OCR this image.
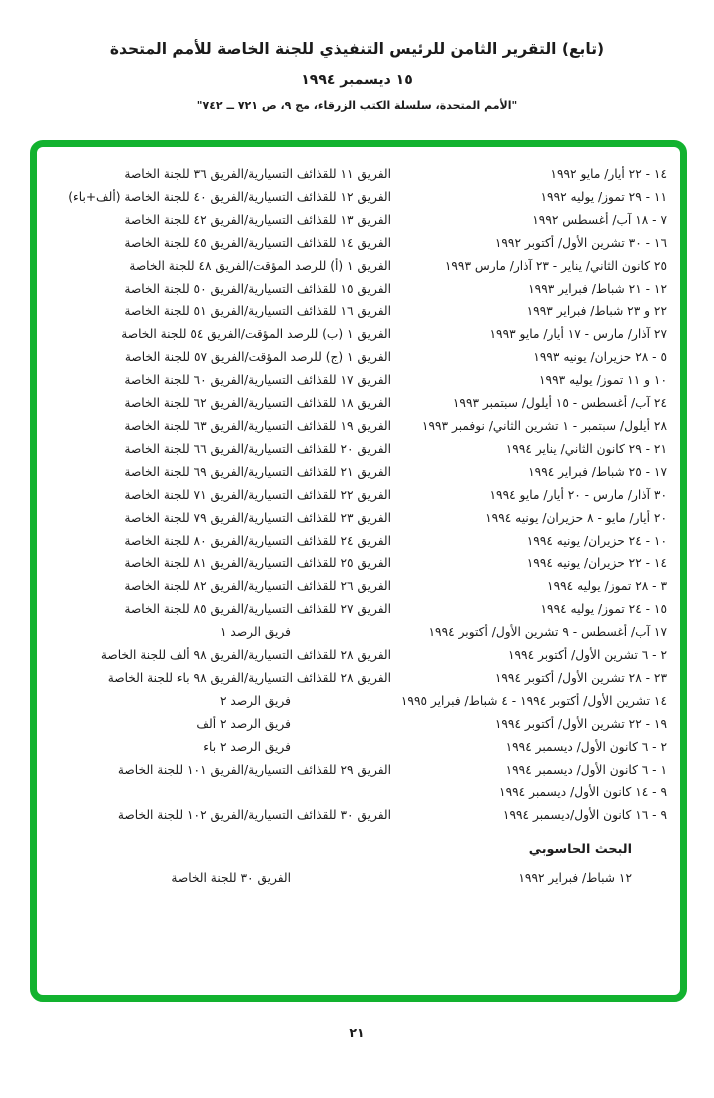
(تابع) التقرير الثامن للرئيس التنفيذي للجنة الخاصة للأمم المتحدة
١٥ ديسمبر ١٩٩٤
"الأمم المتحدة، سلسلة الكتب الزرقاء، مج ٩، ص ٧٢١ ــ ٧٤٢"
١٤ - ٢٢ أيار/ مايو ١٩٩٢
الفريق ١١ للقذائف التسيارية/الفريق ٣٦ للجنة الخاصة
١١ - ٢٩ تموز/ يوليه ١٩٩٢
الفريق ١٢ للقذائف التسيارية/الفريق ٤٠ للجنة الخاصة (ألف+باء)
٧ - ١٨ آب/ أغسطس ١٩٩٢
الفريق ١٣ للقذائف التسيارية/الفريق ٤٢ للجنة الخاصة
١٦ - ٣٠ تشرين الأول/ أكتوبر ١٩٩٢
الفريق ١٤ للقذائف التسيارية/الفريق ٤٥ للجنة الخاصة
٢٥ كانون الثاني/ يناير - ٢٣ آذار/ مارس ١٩٩٣
الفريق ١ (أ) للرصد المؤقت/الفريق ٤٨ للجنة الخاصة
١٢ - ٢١ شباط/ فبراير ١٩٩٣
الفريق ١٥ للقذائف التسيارية/الفريق ٥٠ للجنة الخاصة
٢٢ و ٢٣ شباط/ فبراير ١٩٩٣
الفريق ١٦ للقذائف التسيارية/الفريق ٥١ للجنة الخاصة
٢٧ آذار/ مارس - ١٧ أيار/ مايو ١٩٩٣
الفريق ١ (ب) للرصد المؤقت/الفريق ٥٤ للجنة الخاصة
٥ - ٢٨ حزيران/ يونيه ١٩٩٣
الفريق ١ (ج) للرصد المؤقت/الفريق ٥٧ للجنة الخاصة
١٠ و ١١ تموز/ يوليه ١٩٩٣
الفريق ١٧ للقذائف التسيارية/الفريق ٦٠ للجنة الخاصة
٢٤ آب/ أغسطس - ١٥ أيلول/ سبتمبر ١٩٩٣
الفريق ١٨ للقذائف التسيارية/الفريق ٦٢ للجنة الخاصة
٢٨ أيلول/ سبتمبر - ١ تشرين الثاني/ نوفمبر ١٩٩٣
الفريق ١٩ للقذائف التسيارية/الفريق ٦٣ للجنة الخاصة
٢١ - ٢٩ كانون الثاني/ يناير ١٩٩٤
الفريق ٢٠ للقذائف التسيارية/الفريق ٦٦ للجنة الخاصة
١٧ - ٢٥ شباط/ فبراير ١٩٩٤
الفريق ٢١ للقذائف التسيارية/الفريق ٦٩ للجنة الخاصة
٣٠ آذار/ مارس - ٢٠ أيار/ مايو ١٩٩٤
الفريق ٢٢ للقذائف التسيارية/الفريق ٧١ للجنة الخاصة
٢٠ أيار/ مايو - ٨ حزيران/ يونيه ١٩٩٤
الفريق ٢٣ للقذائف التسيارية/الفريق ٧٩ للجنة الخاصة
١٠ - ٢٤ حزيران/ يونيه ١٩٩٤
الفريق ٢٤ للقذائف التسيارية/الفريق ٨٠ للجنة الخاصة
١٤ - ٢٢ حزيران/ يونيه ١٩٩٤
الفريق ٢٥ للقذائف التسيارية/الفريق ٨١ للجنة الخاصة
٣ - ٢٨ تموز/ يوليه ١٩٩٤
الفريق ٢٦ للقذائف التسيارية/الفريق ٨٢ للجنة الخاصة
١٥ - ٢٤ تموز/ يوليه ١٩٩٤
الفريق ٢٧ للقذائف التسيارية/الفريق ٨٥ للجنة الخاصة
١٧ آب/ أغسطس - ٩ تشرين الأول/ أكتوبر ١٩٩٤
فريق الرصد ١
٢ - ٦ تشرين الأول/ أكتوبر ١٩٩٤
الفريق ٢٨ للقذائف التسيارية/الفريق ٩٨ ألف للجنة الخاصة
٢٣ - ٢٨ تشرين الأول/ أكتوبر ١٩٩٤
الفريق ٢٨ للقذائف التسيارية/الفريق ٩٨ باء للجنة الخاصة
١٤ تشرين الأول/ أكتوبر ١٩٩٤ - ٤ شباط/ فبراير ١٩٩٥
فريق الرصد ٢
١٩ - ٢٢ تشرين الأول/ أكتوبر ١٩٩٤
فريق الرصد ٢ ألف
٢ - ٦ كانون الأول/ ديسمبر ١٩٩٤
فريق الرصد ٢ باء
١ - ٦ كانون الأول/ ديسمبر ١٩٩٤
الفريق ٢٩ للقذائف التسيارية/الفريق ١٠١ للجنة الخاصة
٩ - ١٤ كانون الأول/ ديسمبر ١٩٩٤
٩ - ١٦ كانون الأول/ديسمبر ١٩٩٤
الفريق ٣٠ للقذائف التسيارية/الفريق ١٠٢ للجنة الخاصة
البحث الحاسوبي
١٢ شباط/ فبراير ١٩٩٢
الفريق ٣٠ للجنة الخاصة
٢١
